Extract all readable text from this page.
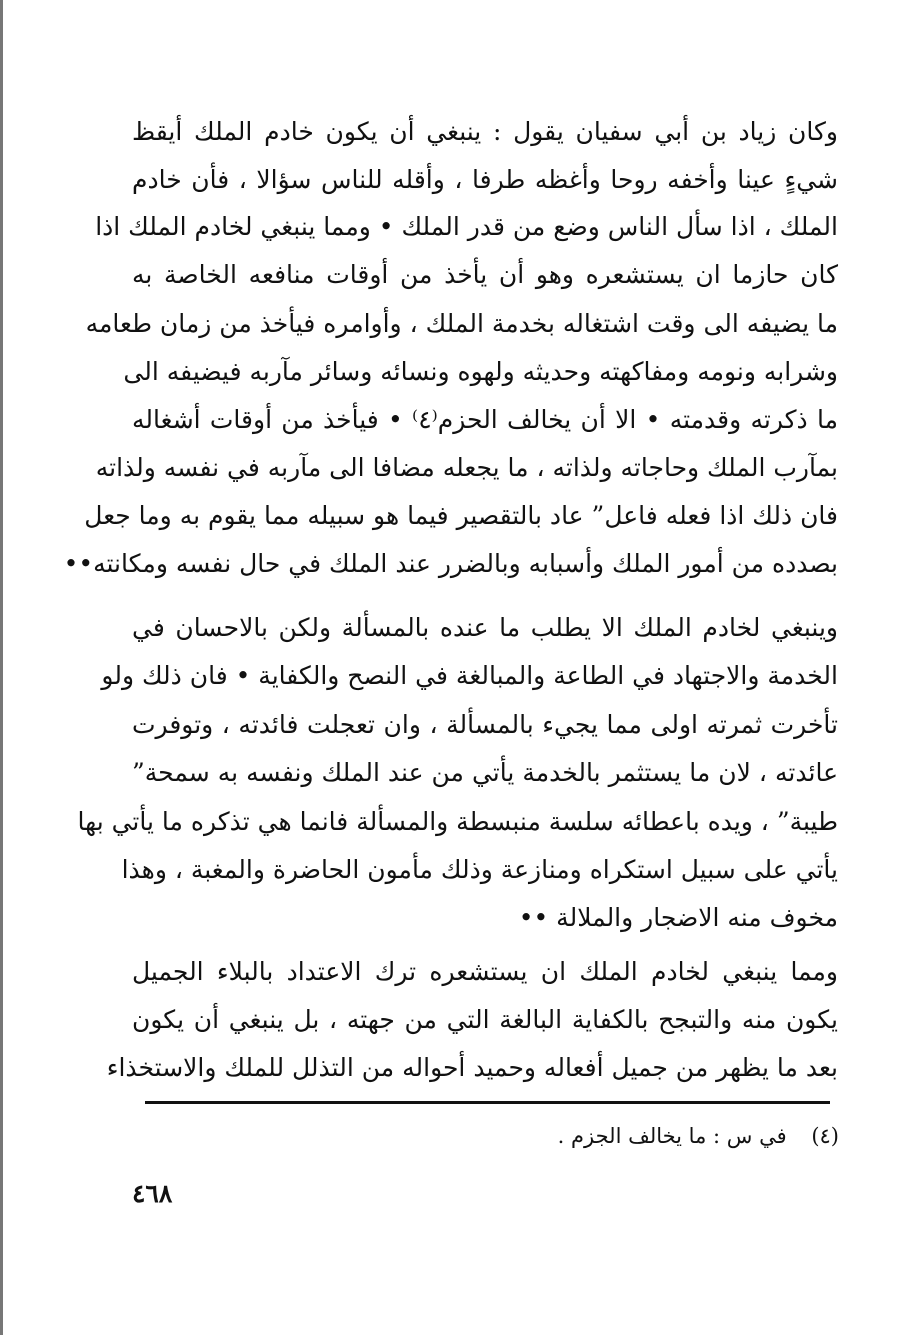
وكان زياد بن أبي سفيان يقول : ينبغي أن يكون خادم الملك أيقظ
شيءٍ عينا وأخفه روحا وأغظه طرفا ، وأقله للناس سؤالا ، فأن خادم
الملك ، اذا سأل الناس وضع من قدر الملك • ومما ينبغي لخادم الملك اذا
كان حازما ان يستشعره وهو أن يأخذ من أوقات منافعه الخاصة به
ما يضيفه الى وقت اشتغاله بخدمة الملك ، وأوامره فيأخذ من زمان طعامه
وشرابه ونومه ومفاكهته وحديثه ولهوه ونسائه وسائر مآربه فيضيفه الى
ما ذكرته وقدمته • الا أن يخالف الحزم⁽٤⁾ • فيأخذ من أوقات أشغاله
بمآرب الملك وحاجاته ولذاته ، ما يجعله مضافا الى مآربه في نفسه ولذاته
فان ذلك اذا فعله فاعل” عاد بالتقصير فيما هو سبيله مما يقوم به وما جعل
بصدده من أمور الملك وأسبابه وبالضرر عند الملك في حال نفسه ومكانته••
وينبغي لخادم الملك الا يطلب ما عنده بالمسألة ولكن بالاحسان في
الخدمة والاجتهاد في الطاعة والمبالغة في النصح والكفاية • فان ذلك ولو
تأخرت ثمرته اولى مما يجيء بالمسألة ، وان تعجلت فائدته ، وتوفرت
عائدته ، لان ما يستثمر بالخدمة يأتي من عند الملك ونفسه به سمحة”
طيبة” ، ويده باعطائه سلسة منبسطة والمسألة فانما هي تذكره ما يأتي بها
يأتي على سبيل استكراه ومنازعة وذلك مأمون الحاضرة والمغبة ، وهذا
مخوف منه الاضجار والملالة ••
ومما ينبغي لخادم الملك ان يستشعره ترك الاعتداد بالبلاء الجميل
يكون منه والتبجح بالكفاية البالغة التي من جهته ، بل ينبغي أن يكون
بعد ما يظهر من جميل أفعاله وحميد أحواله من التذلل للملك والاستخذاء
(٤) في س : ما يخالف الجزم .
٤٦٨
